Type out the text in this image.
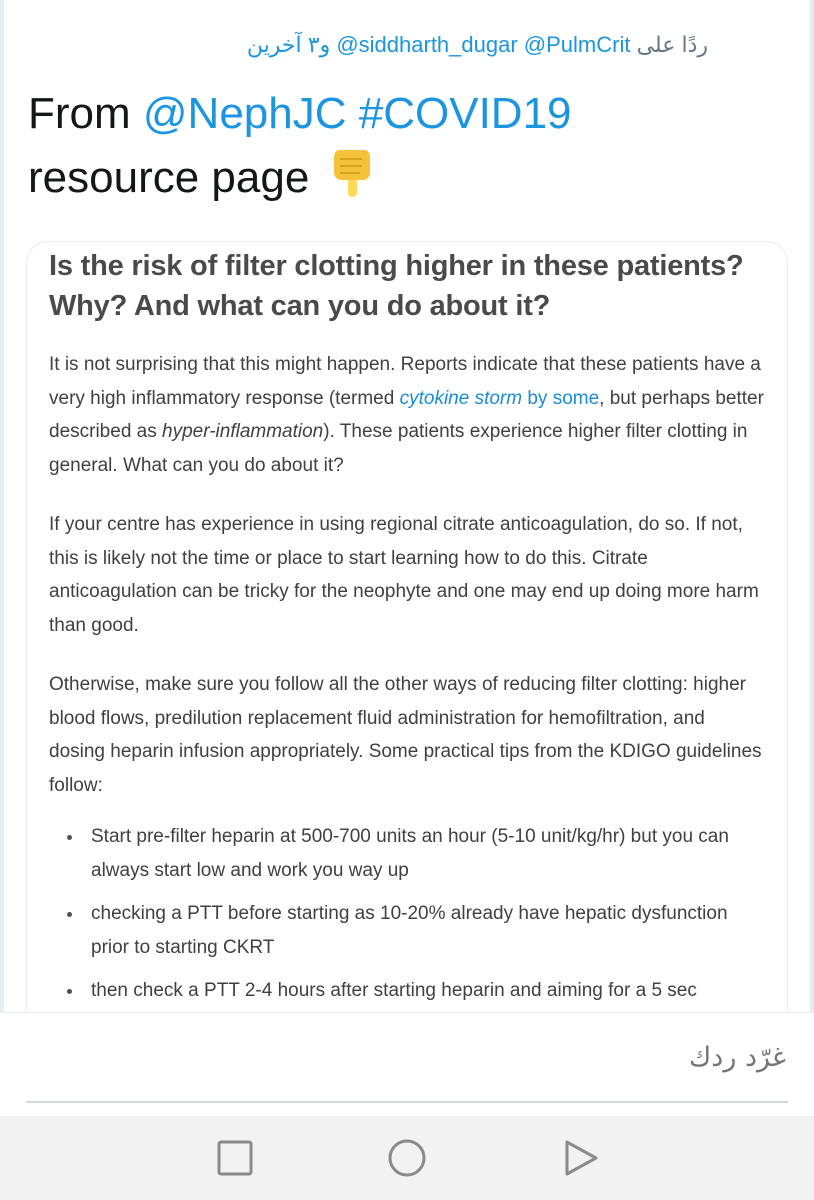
ردًا على @PulmCrit @siddharth_dugar و٣ آخرين
From @NephJC #COVID19
resource page
Is the risk of filter clotting higher in these patients? Why? And what can you do about it?

It is not surprising that this might happen. Reports indicate that these patients have a very high inflammatory response (termed cytokine storm by some, but perhaps better described as hyper-inflammation). These patients experience higher filter clotting in general. What can you do about it?

If your centre has experience in using regional citrate anticoagulation, do so. If not, this is likely not the time or place to start learning how to do this. Citrate anticoagulation can be tricky for the neophyte and one may end up doing more harm than good.

Otherwise, make sure you follow all the other ways of reducing filter clotting: higher blood flows, predilution replacement fluid administration for hemofiltration, and dosing heparin infusion appropriately. Some practical tips from the KDIGO guidelines follow:

Start pre-filter heparin at 500-700 units an hour (5-10 unit/kg/hr) but you can always start low and work you way up
checking a PTT before starting as 10-20% already have hepatic dysfunction prior to starting CKRT
then check a PTT 2-4 hours after starting heparin and aiming for a 5 sec
غرّد ردك
